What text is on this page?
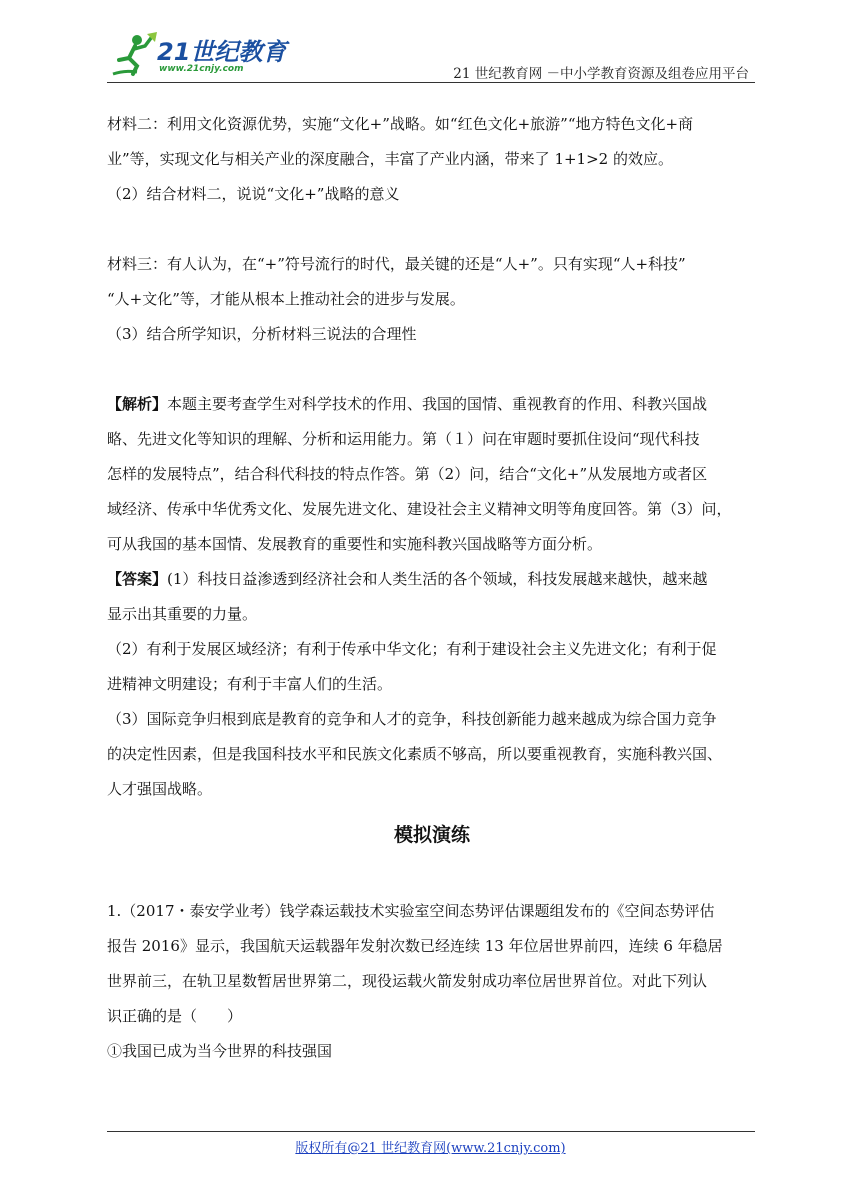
21世纪教育
www.21cnjy.com	21 世纪教育网 －中小学教育资源及组卷应用平台
材料二：利用文化资源优势，实施“文化+”战略。如“红色文化+旅游”“地方特色文化+商
业”等，实现文化与相关产业的深度融合，丰富了产业内涵，带来了 1+1>2 的效应。
（2）结合材料二，说说“文化+”战略的意义
材料三：有人认为，在“+”符号流行的时代，最关键的还是“人+”。只有实现“人+科技”
“人+文化”等，才能从根本上推动社会的进步与发展。
（3）结合所学知识，分析材料三说法的合理性
【解析】本题主要考查学生对科学技术的作用、我国的国情、重视教育的作用、科教兴国战
略、先进文化等知识的理解、分析和运用能力。第（１）问在审题时要抓住设问“现代科技
怎样的发展特点”，结合科代科技的特点作答。第（2）问，结合“文化+”从发展地方或者区
域经济、传承中华优秀文化、发展先进文化、建设社会主义精神文明等角度回答。第（3）问，
可从我国的基本国情、发展教育的重要性和实施科教兴国战略等方面分析。
【答案】(1）科技日益渗透到经济社会和人类生活的各个领域，科技发展越来越快，越来越
显示出其重要的力量。
（2）有利于发展区域经济；有利于传承中华文化；有利于建设社会主义先进文化；有利于促
进精神文明建设；有利于丰富人们的生活。
（3）国际竞争归根到底是教育的竞争和人才的竞争，科技创新能力越来越成为综合国力竞争
的决定性因素，但是我国科技水平和民族文化素质不够高，所以要重视教育，实施科教兴国、
人才强国战略。
模拟演练
1.（2017・泰安学业考）钱学森运载技术实验室空间态势评估课题组发布的《空间态势评估
报告 2016》显示，我国航天运载器年发射次数已经连续 13 年位居世界前四，连续 6 年稳居
世界前三，在轨卫星数暂居世界第二，现役运载火箭发射成功率位居世界首位。对此下列认
识正确的是（　　）
①我国已成为当今世界的科技强国
版权所有@21 世纪教育网(www.21cnjy.com)
